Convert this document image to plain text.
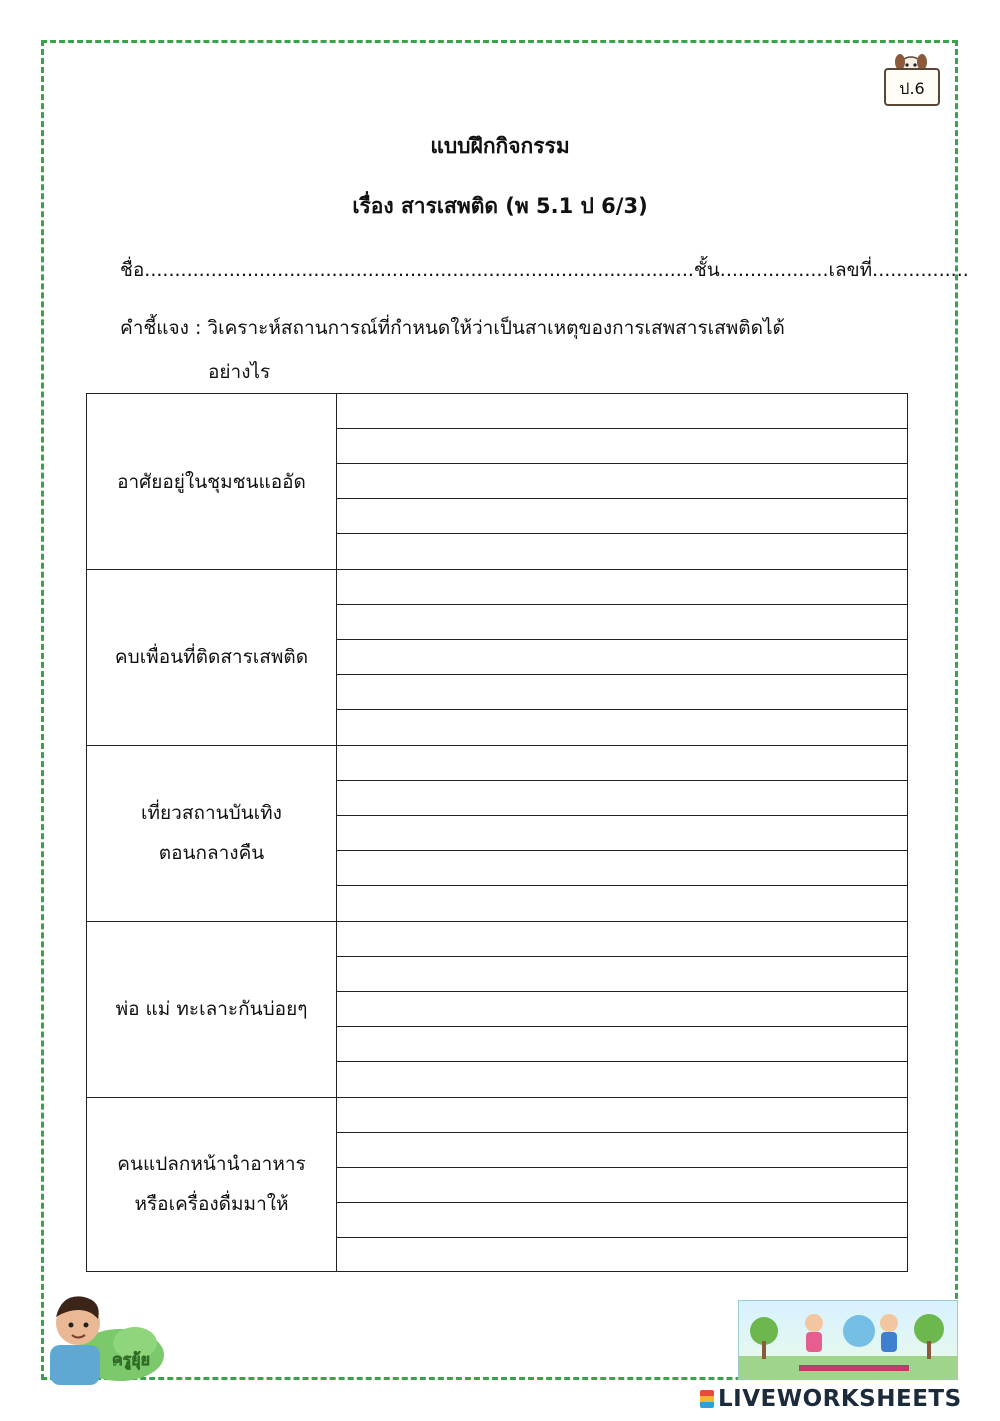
ป.6
แบบฝึกกิจกรรม
เรื่อง สารเสพติด (พ 5.1 ป 6/3)
ชื่อ...........................................................................................ชั้น..................เลขที่................
คำชี้แจง : วิเคราะห์สถานการณ์ที่กำหนดให้ว่าเป็นสาเหตุของการเสพสารเสพติดได้
อย่างไร
อาศัยอยู่ในชุมชนแออัด
คบเพื่อนที่ติดสารเสพติด
เที่ยวสถานบันเทิง
ตอนกลางคืน
พ่อ แม่ ทะเลาะกันบ่อยๆ
คนแปลกหน้านำอาหาร
หรือเครื่องดื่มมาให้
ครูยุ้ย
LIVEWORKSHEETS
